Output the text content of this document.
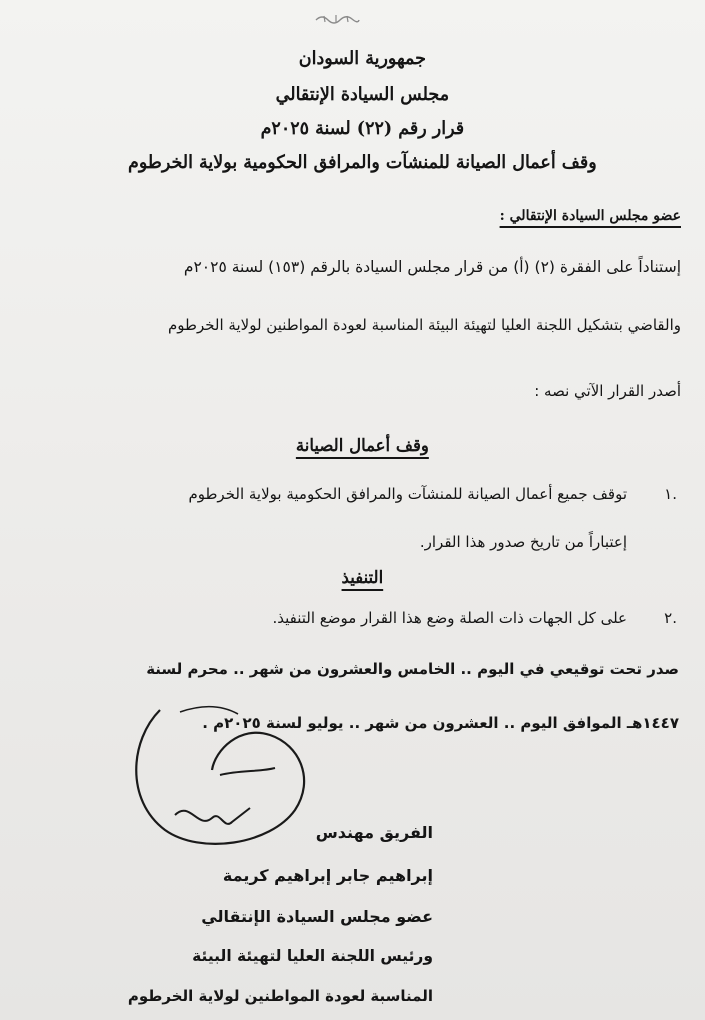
جمهورية السودان
مجلس السيادة الإنتقالي
قرار رقم (٢٢) لسنة ٢٠٢٥م
وقف أعمال الصيانة للمنشآت والمرافق الحكومية بولاية الخرطوم
عضو مجلس السيادة الإنتقالي :
إستناداً على الفقرة (٢) (أ) من قرار مجلس السيادة بالرقم (١٥٣) لسنة ٢٠٢٥م
والقاضي بتشكيل اللجنة العليا لتهيئة البيئة المناسبة لعودة المواطنين لولاية الخرطوم
أصدر القرار الآتي نصه :
وقف أعمال الصيانة
.١
توقف جميع أعمال الصيانة للمنشآت والمرافق الحكومية بولاية الخرطوم
إعتباراً من تاريخ صدور هذا القرار.
التنفيذ
.٢
على كل الجهات ذات الصلة وضع هذا القرار موضع التنفيذ.
صدر تحت توقيعي في اليوم .. الخامس والعشرون من شهر .. محرم لسنة
١٤٤٧هـ الموافق اليوم .. العشرون من شهر .. يوليو لسنة ٢٠٢٥م .
الفريق مهندس
إبراهيم جابر إبراهيم كريمة
عضو مجلس السيادة الإنتقالي
ورئيس اللجنة العليا لتهيئة البيئة
المناسبة لعودة المواطنين لولاية الخرطوم
